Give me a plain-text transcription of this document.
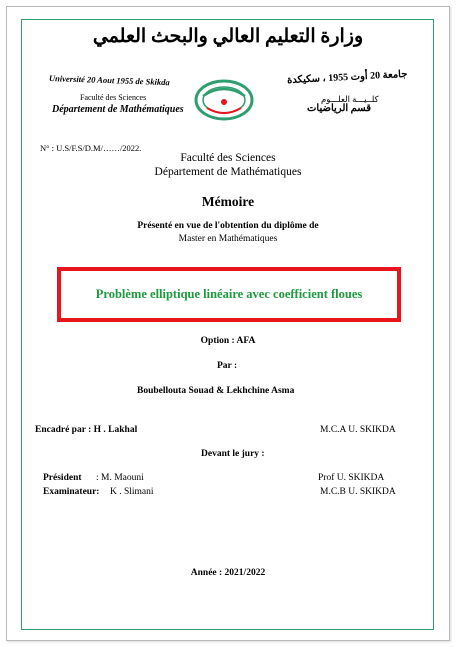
وزارة التعليم العالي والبحث العلمي
Université 20 Aout 1955 de Skikda
Faculté des Sciences
Département de Mathématiques
جامعة 20 أوت 1955 ، سكيكدة
كلــيـــة العلـــوم
قسم الرياضيات
N° : U.S/F.S/D.M/……/2022.
Faculté des Sciences
Département de Mathématiques
Mémoire
Présenté en vue de l'obtention du diplôme de
Master en Mathématiques
Problème elliptique linéaire avec coefficient floues
Option : AFA
Par :
Boubellouta Souad & Lekhchine Asma
Encadré par : H . Lakhal	M.C.A U. SKIKDA
Devant le jury :
Président : M. Maouni	Prof U. SKIKDA
Examinateur: K . Slimani	M.C.B U. SKIKDA
Année : 2021/2022
